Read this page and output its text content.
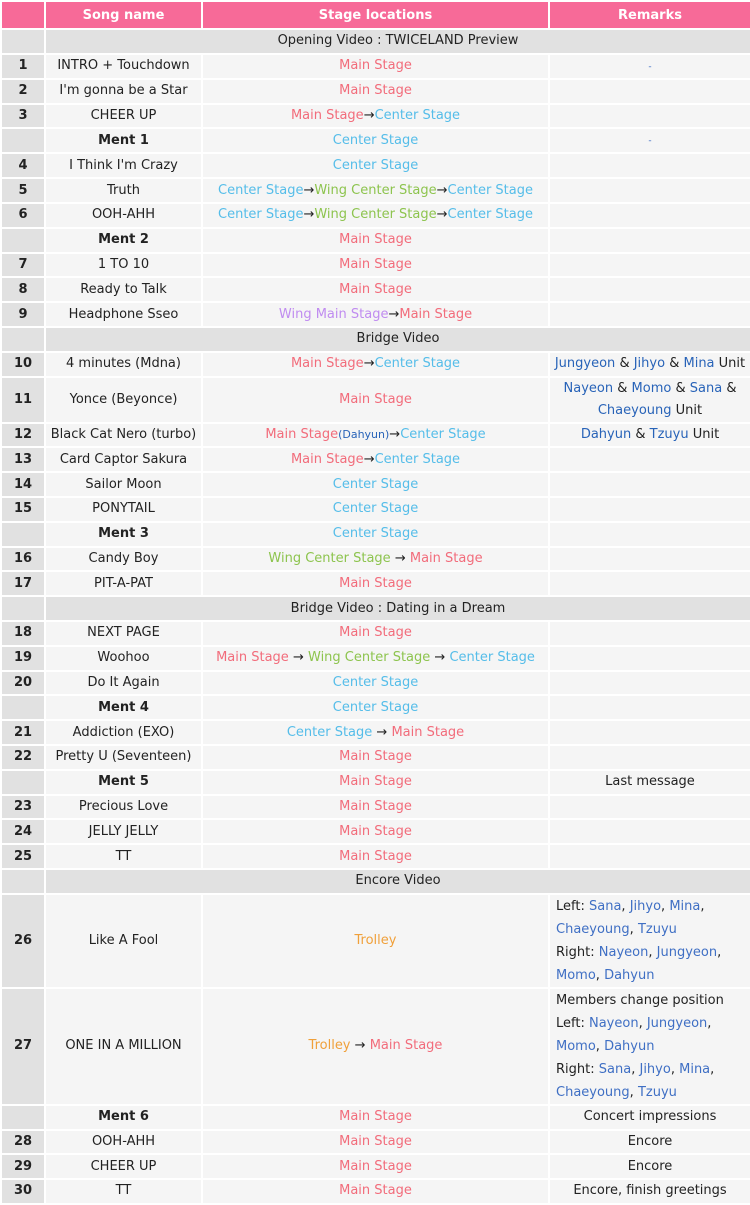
	Song name	Stage locations	Remarks
	Opening Video : TWICELAND Preview		
1	INTRO + Touchdown	Main Stage	-
2	I'm gonna be a Star	Main Stage	
3	CHEER UP	Main Stage→Center Stage	
	Ment 1	Center Stage	-
4	I Think I'm Crazy	Center Stage	
5	Truth	Center Stage→Wing Center Stage→Center Stage	
6	OOH-AHH	Center Stage→Wing Center Stage→Center Stage	
	Ment 2	Main Stage	
7	1 TO 10	Main Stage	
8	Ready to Talk	Main Stage	
9	Headphone Sseo	Wing Main Stage→Main Stage	
	Bridge Video		
10	4 minutes (Mdna)	Main Stage→Center Stage	Jungyeon & Jihyo & Mina Unit
11	Yonce (Beyonce)	Main Stage	Nayeon & Momo & Sana &
Chaeyoung Unit
12	Black Cat Nero (turbo)	Main Stage(Dahyun)→Center Stage	Dahyun & Tzuyu Unit
13	Card Captor Sakura	Main Stage→Center Stage	
14	Sailor Moon	Center Stage	
15	PONYTAIL	Center Stage	
	Ment 3	Center Stage	
16	Candy Boy	Wing Center Stage → Main Stage	
17	PIT-A-PAT	Main Stage	
	Bridge Video : Dating in a Dream		
18	NEXT PAGE	Main Stage	
19	Woohoo	Main Stage → Wing Center Stage → Center Stage	
20	Do It Again	Center Stage	
	Ment 4	Center Stage	
21	Addiction (EXO)	Center Stage → Main Stage	
22	Pretty U (Seventeen)	Main Stage	
	Ment 5	Main Stage	Last message
23	Precious Love	Main Stage	
24	JELLY JELLY	Main Stage	
25	TT	Main Stage	
	Encore Video		
26	Like A Fool	Trolley	Left: Sana, Jihyo, Mina,
Chaeyoung, Tzuyu
Right: Nayeon, Jungyeon,
Momo, Dahyun
27	ONE IN A MILLION	Trolley → Main Stage	Members change position
Left: Nayeon, Jungyeon,
Momo, Dahyun
Right: Sana, Jihyo, Mina,
Chaeyoung, Tzuyu
	Ment 6	Main Stage	Concert impressions
28	OOH-AHH	Main Stage	Encore
29	CHEER UP	Main Stage	Encore
30	TT	Main Stage	Encore, finish greetings
